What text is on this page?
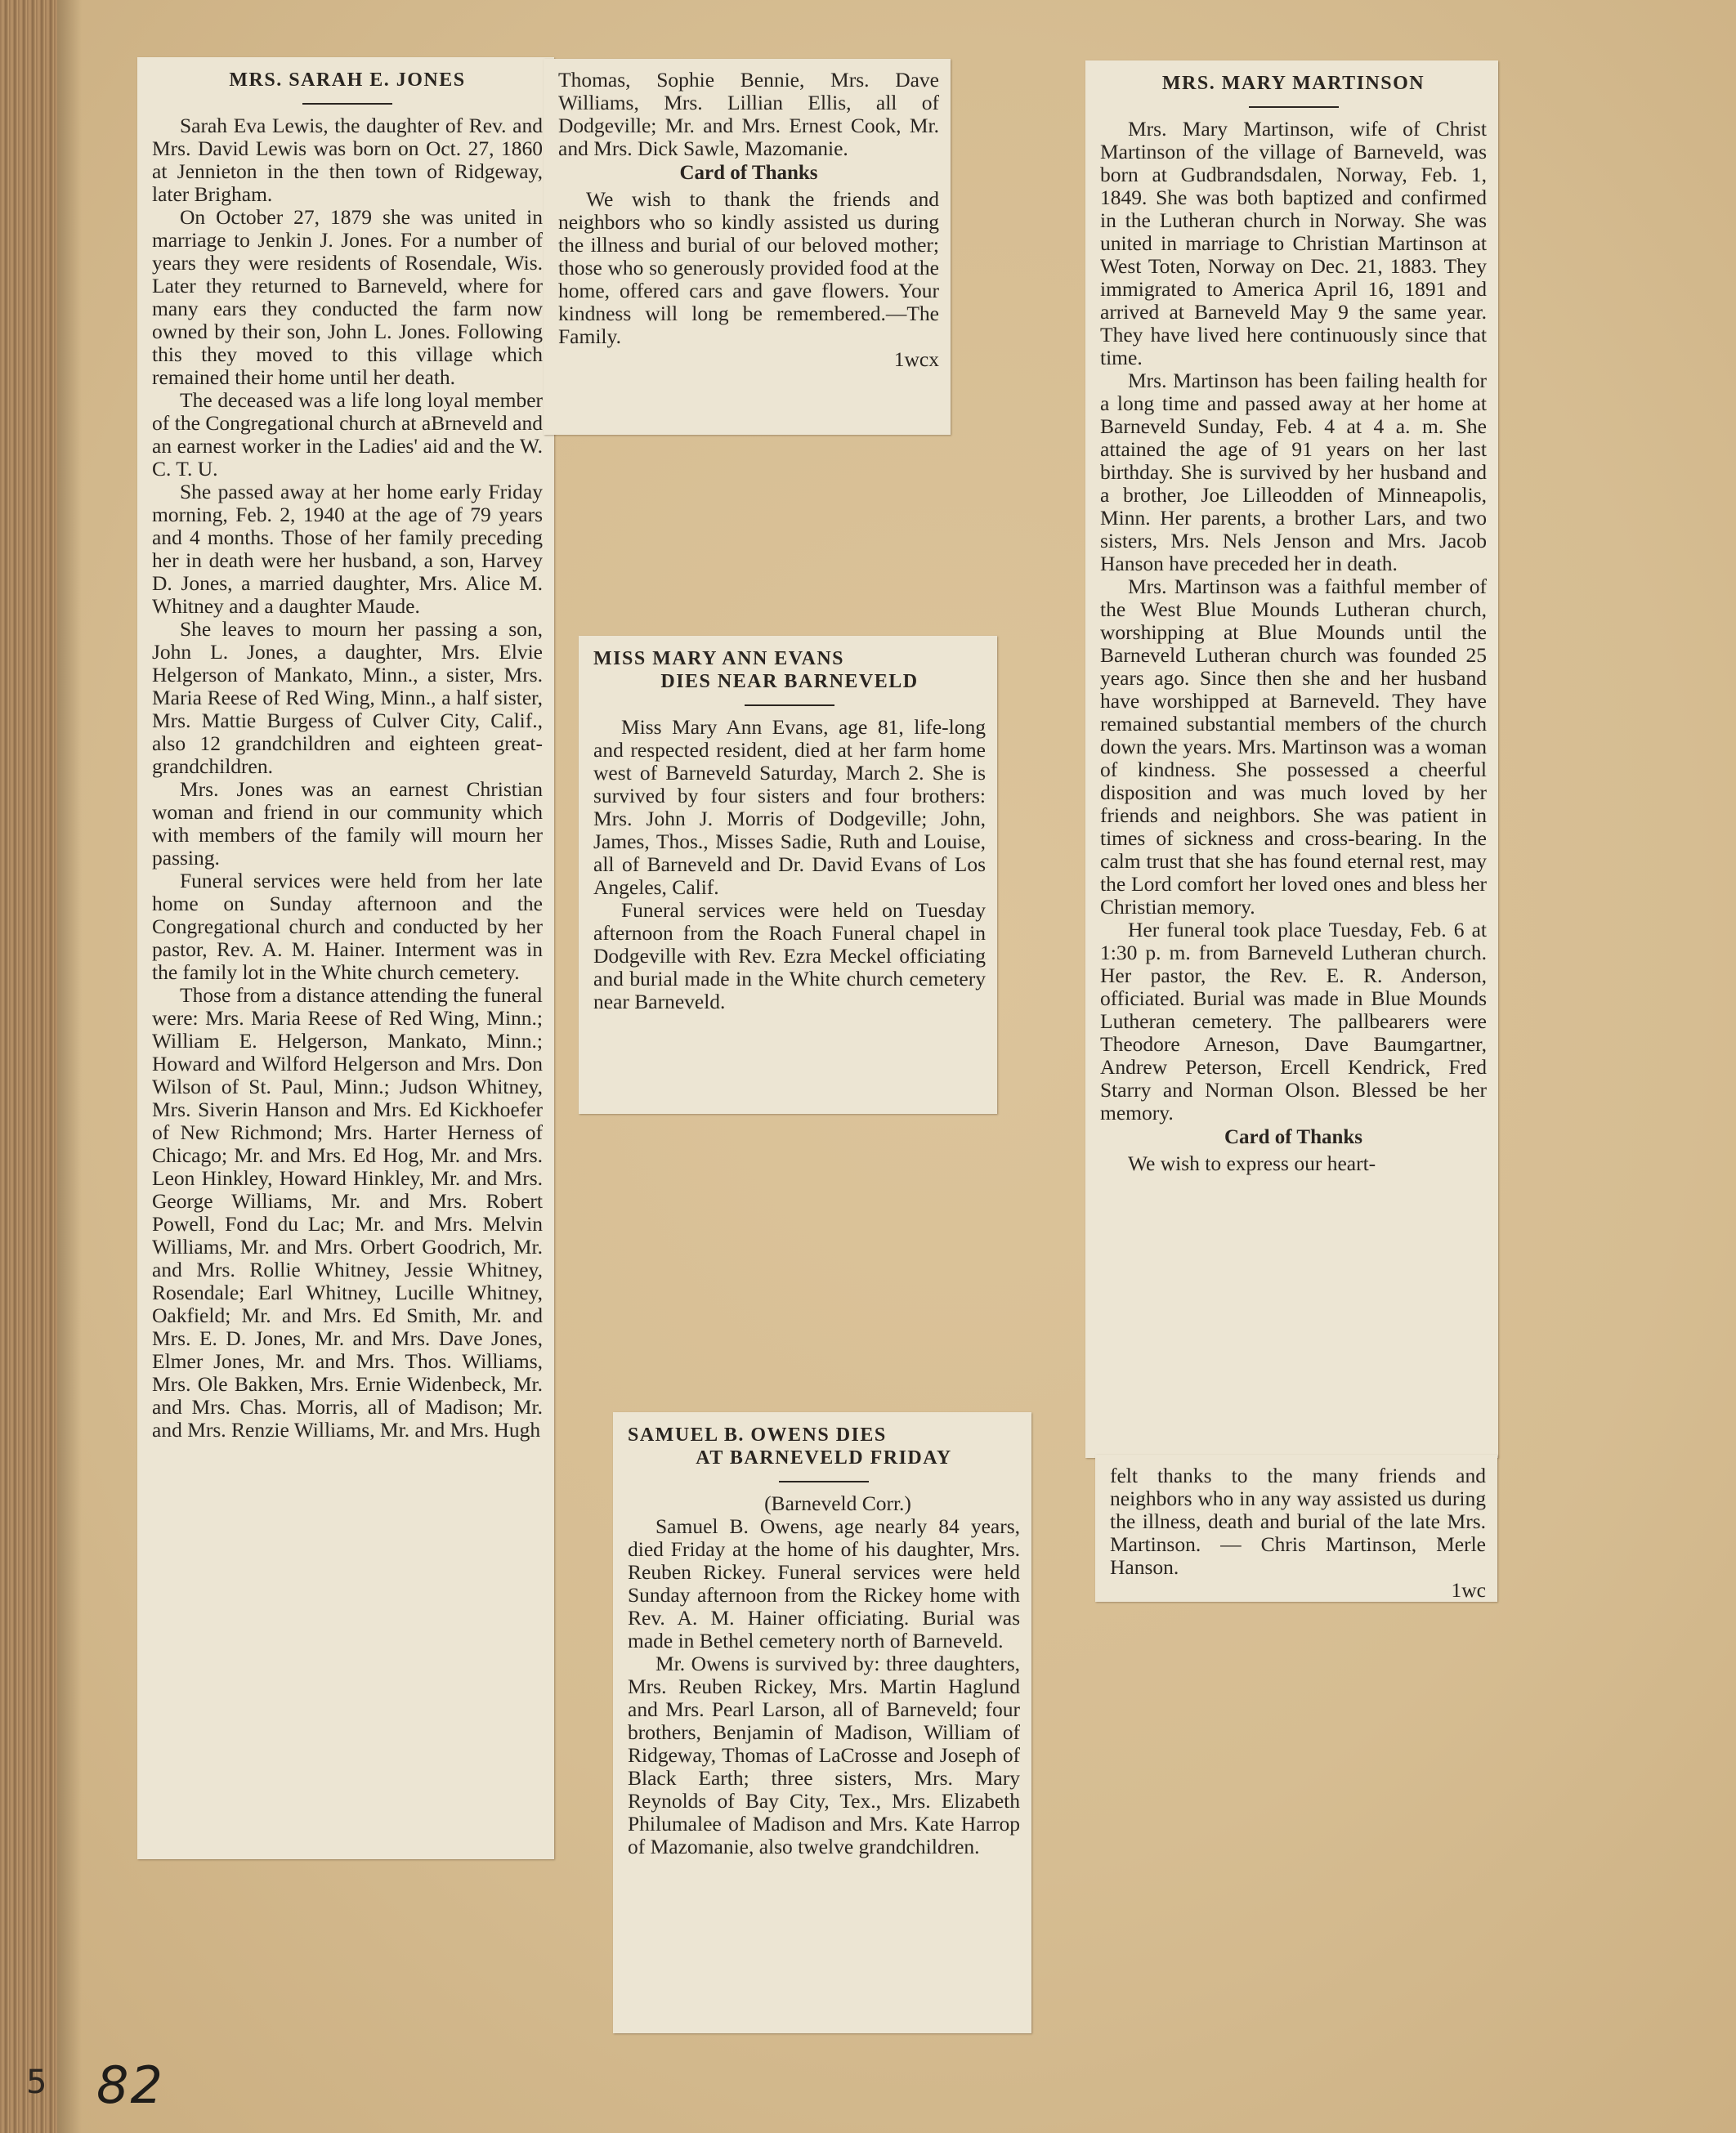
MRS. SARAH E. JONES

Sarah Eva Lewis, the daughter of Rev. and Mrs. David Lewis was born on Oct. 27, 1860 at Jennieton in the then town of Ridgeway, later Brigham.

On October 27, 1879 she was united in marriage to Jenkin J. Jones. For a number of years they were residents of Rosendale, Wis. Later they returned to Barneveld, where for many ears they conducted the farm now owned by their son, John L. Jones. Following this they moved to this village which remained their home until her death.

The deceased was a life long loyal member of the Congregational church at aBrneveld and an earnest worker in the Ladies' aid and the W. C. T. U.

She passed away at her home early Friday morning, Feb. 2, 1940 at the age of 79 years and 4 months. Those of her family preceding her in death were her husband, a son, Harvey D. Jones, a married daughter, Mrs. Alice M. Whitney and a daughter Maude.

She leaves to mourn her passing a son, John L. Jones, a daughter, Mrs. Elvie Helgerson of Mankato, Minn., a sister, Mrs. Maria Reese of Red Wing, Minn., a half sister, Mrs. Mattie Burgess of Culver City, Calif., also 12 grandchildren and eighteen great-grandchildren.

Mrs. Jones was an earnest Christian woman and friend in our community which with members of the family will mourn her passing.

Funeral services were held from her late home on Sunday afternoon and the Congregational church and conducted by her pastor, Rev. A. M. Hainer. Interment was in the family lot in the White church cemetery.

Those from a distance attending the funeral were: Mrs. Maria Reese of Red Wing, Minn.; William E. Helgerson, Mankato, Minn.; Howard and Wilford Helgerson and Mrs. Don Wilson of St. Paul, Minn.; Judson Whitney, Mrs. Siverin Hanson and Mrs. Ed Kickhoefer of New Richmond; Mrs. Harter Herness of Chicago; Mr. and Mrs. Ed Hog, Mr. and Mrs. Leon Hinkley, Howard Hinkley, Mr. and Mrs. George Williams, Mr. and Mrs. Robert Powell, Fond du Lac; Mr. and Mrs. Melvin Williams, Mr. and Mrs. Orbert Goodrich, Mr. and Mrs. Rollie Whitney, Jessie Whitney, Rosendale; Earl Whitney, Lucille Whitney, Oakfield; Mr. and Mrs. Ed Smith, Mr. and Mrs. E. D. Jones, Mr. and Mrs. Dave Jones, Elmer Jones, Mr. and Mrs. Thos. Williams, Mrs. Ole Bakken, Mrs. Ernie Widenbeck, Mr. and Mrs. Chas. Morris, all of Madison; Mr. and Mrs. Renzie Williams, Mr. and Mrs. Hugh

Thomas, Sophie Bennie, Mrs. Dave Williams, Mrs. Lillian Ellis, all of Dodgeville; Mr. and Mrs. Ernest Cook, Mr. and Mrs. Dick Sawle, Mazomanie.

Card of Thanks

We wish to thank the friends and neighbors who so kindly assisted us during the illness and burial of our beloved mother; those who so generously provided food at the home, offered cars and gave flowers. Your kindness will long be remembered.—The Family.

1wcx
MISS MARY ANN EVANS
DIES NEAR BARNEVELD

Miss Mary Ann Evans, age 81, life-long and respected resident, died at her farm home west of Barneveld Saturday, March 2. She is survived by four sisters and four brothers: Mrs. John J. Morris of Dodgeville; John, James, Thos., Misses Sadie, Ruth and Louise, all of Barneveld and Dr. David Evans of Los Angeles, Calif.

Funeral services were held on Tuesday afternoon from the Roach Funeral chapel in Dodgeville with Rev. Ezra Meckel officiating and burial made in the White church cemetery near Barneveld.

SAMUEL B. OWENS DIES
AT BARNEVELD FRIDAY

(Barneveld Corr.)

Samuel B. Owens, age nearly 84 years, died Friday at the home of his daughter, Mrs. Reuben Rickey. Funeral services were held Sunday afternoon from the Rickey home with Rev. A. M. Hainer officiating. Burial was made in Bethel cemetery north of Barneveld.

Mr. Owens is survived by: three daughters, Mrs. Reuben Rickey, Mrs. Martin Haglund and Mrs. Pearl Larson, all of Barneveld; four brothers, Benjamin of Madison, William of Ridgeway, Thomas of LaCrosse and Joseph of Black Earth; three sisters, Mrs. Mary Reynolds of Bay City, Tex., Mrs. Elizabeth Philumalee of Madison and Mrs. Kate Harrop of Mazomanie, also twelve grandchildren.

MRS. MARY MARTINSON

Mrs. Mary Martinson, wife of Christ Martinson of the village of Barneveld, was born at Gudbrandsdalen, Norway, Feb. 1, 1849. She was both baptized and confirmed in the Lutheran church in Norway. She was united in marriage to Christian Martinson at West Toten, Norway on Dec. 21, 1883. They immigrated to America April 16, 1891 and arrived at Barneveld May 9 the same year. They have lived here continuously since that time.

Mrs. Martinson has been failing health for a long time and passed away at her home at Barneveld Sunday, Feb. 4 at 4 a. m. She attained the age of 91 years on her last birthday. She is survived by her husband and a brother, Joe Lilleodden of Minneapolis, Minn. Her parents, a brother Lars, and two sisters, Mrs. Nels Jenson and Mrs. Jacob Hanson have preceded her in death.

Mrs. Martinson was a faithful member of the West Blue Mounds Lutheran church, worshipping at Blue Mounds until the Barneveld Lutheran church was founded 25 years ago. Since then she and her husband have worshipped at Barneveld. They have remained substantial members of the church down the years. Mrs. Martinson was a woman of kindness. She possessed a cheerful disposition and was much loved by her friends and neighbors. She was patient in times of sickness and cross-bearing. In the calm trust that she has found eternal rest, may the Lord comfort her loved ones and bless her Christian memory.

Her funeral took place Tuesday, Feb. 6 at 1:30 p. m. from Barneveld Lutheran church. Her pastor, the Rev. E. R. Anderson, officiated. Burial was made in Blue Mounds Lutheran cemetery. The pallbearers were Theodore Arneson, Dave Baumgartner, Andrew Peterson, Ercell Kendrick, Fred Starry and Norman Olson. Blessed be her memory.

Card of Thanks

We wish to express our heart-

felt thanks to the many friends and neighbors who in any way assisted us during the illness, death and burial of the late Mrs. Martinson. — Chris Martinson, Merle Hanson.

1wc
5 82
